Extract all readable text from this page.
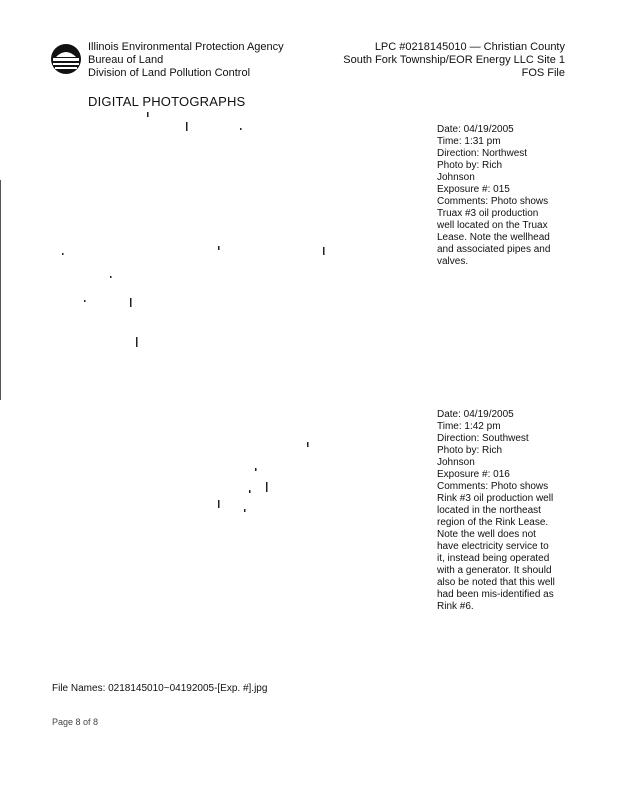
Illinois Environmental Protection Agency
Bureau of Land
Division of Land Pollution Control
LPC #0218145010 — Christian County
South Fork Township/EOR Energy LLC Site 1
FOS File
DIGITAL PHOTOGRAPHS
Date: 04/19/2005
Time: 1:31 pm
Direction: Northwest
Photo by: Rich Johnson
Exposure #: 015
Comments: Photo shows Truax #3 oil production well located on the Truax Lease. Note the wellhead and associated pipes and valves.
Date: 04/19/2005
Time: 1:42 pm
Direction: Southwest
Photo by: Rich Johnson
Exposure #: 016
Comments: Photo shows Rink #3 oil production well located in the northeast region of the Rink Lease. Note the well does not have electricity service to it, instead being operated with a generator. It should also be noted that this well had been mis-identified as Rink #6.
File Names: 0218145010~04192005-[Exp. #].jpg
Page 8 of 8
